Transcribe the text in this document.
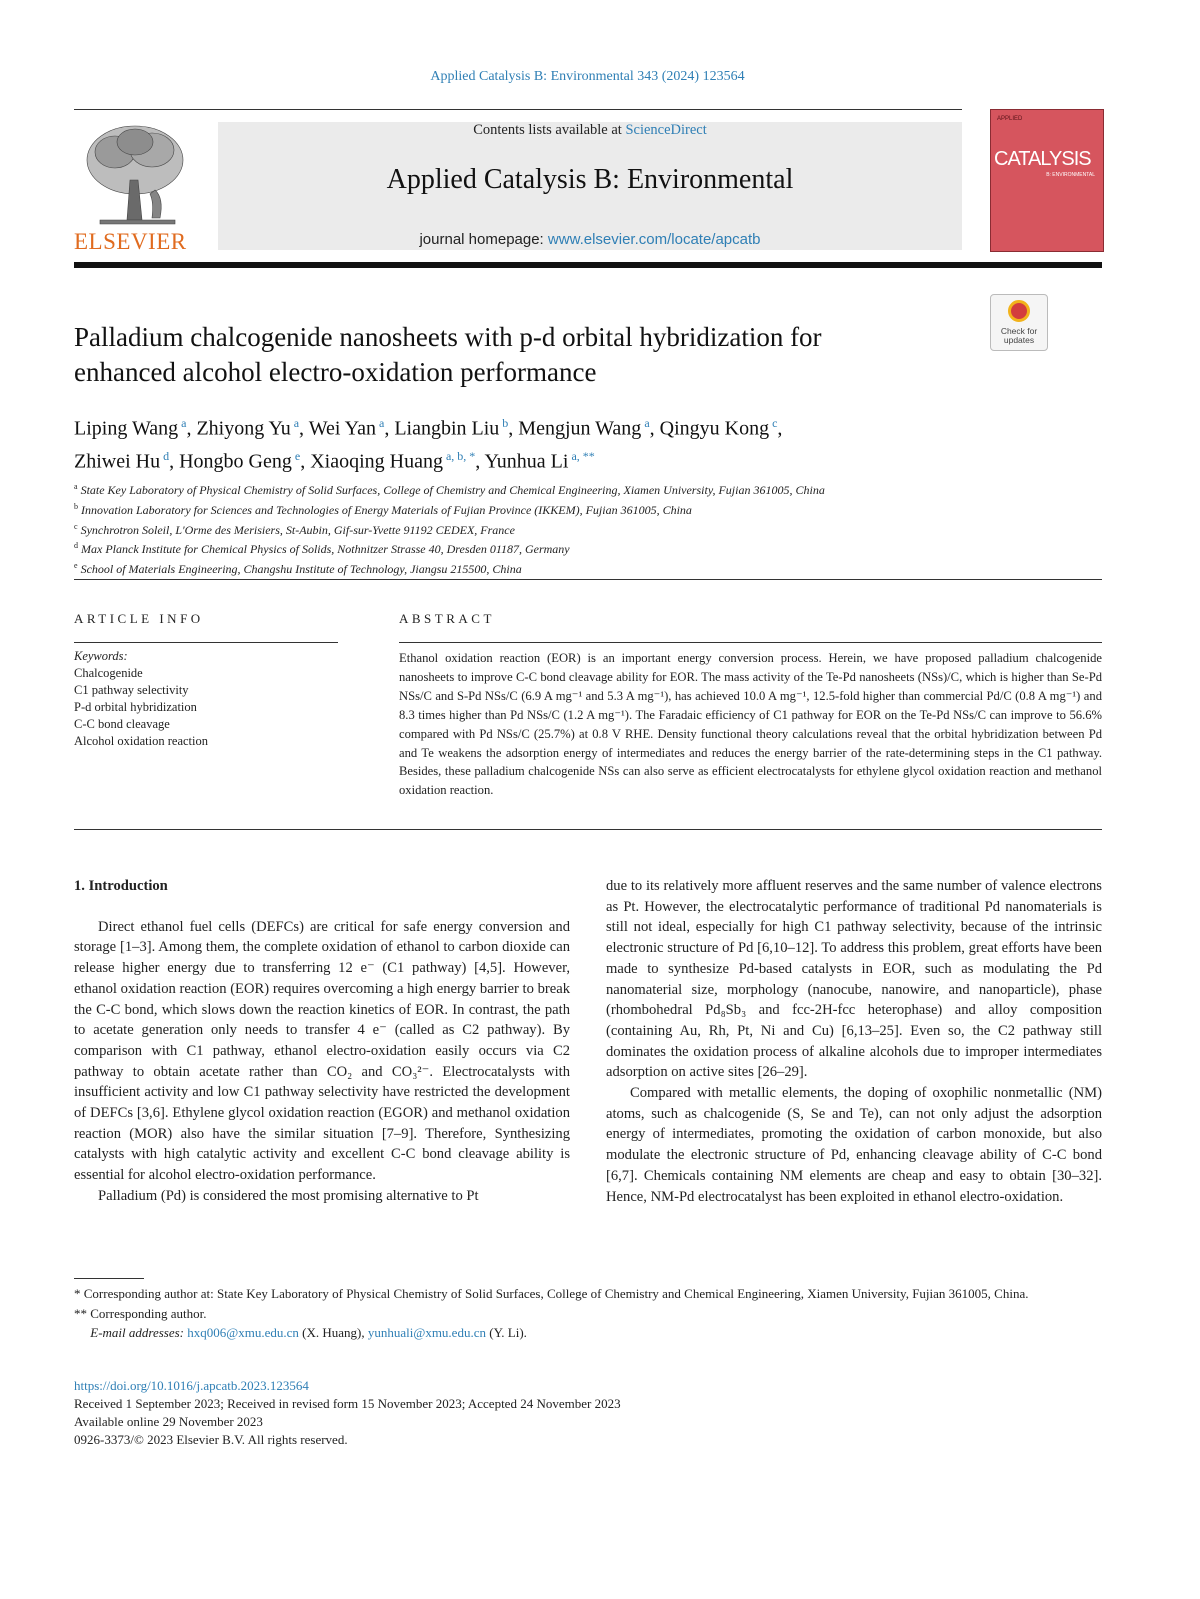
Applied Catalysis B: Environmental 343 (2024) 123564
ELSEVIER
Contents lists available at ScienceDirect
Applied Catalysis B: Environmental
journal homepage: www.elsevier.com/locate/apcatb
APPLIED
CATALYSIS
B: ENVIRONMENTAL
Palladium chalcogenide nanosheets with p-d orbital hybridization for
enhanced alcohol electro-oxidation performance
Check for
updates
Liping Wang $^a$, Zhiyong Yu $^a$, Wei Yan $^a$, Liangbin Liu $^b$, Mengjun Wang $^a$, Qingyu Kong $^c$,
Zhiwei Hu $^d$, Hongbo Geng $^e$, Xiaoqing Huang $^{a, b, *}$, Yunhua Li $^{a, **}$
$^a$ State Key Laboratory of Physical Chemistry of Solid Surfaces, College of Chemistry and Chemical Engineering, Xiamen University, Fujian 361005, China
$^b$ Innovation Laboratory for Sciences and Technologies of Energy Materials of Fujian Province (IKKEM), Fujian 361005, China
$^c$ Synchrotron Soleil, L'Orme des Merisiers, St-Aubin, Gif-sur-Yvette 91192 CEDEX, France
$^d$ Max Planck Institute for Chemical Physics of Solids, Nothnitzer Strasse 40, Dresden 01187, Germany
$^e$ School of Materials Engineering, Changshu Institute of Technology, Jiangsu 215500, China
ARTICLE INFO	ABSTRACT
Keywords:
Chalcogenide
C1 pathway selectivity
P-d orbital hybridization
C-C bond cleavage
Alcohol oxidation reaction
Ethanol oxidation reaction (EOR) is an important energy conversion process. Herein, we have proposed palladium chalcogenide nanosheets to improve C-C bond cleavage ability for EOR. The mass activity of the Te-Pd nanosheets (NSs)/C, which is higher than Se-Pd NSs/C and S-Pd NSs/C (6.9 A mg⁻¹ and 5.3 A mg⁻¹), has achieved 10.0 A mg⁻¹, 12.5-fold higher than commercial Pd/C (0.8 A mg⁻¹) and 8.3 times higher than Pd NSs/C (1.2 A mg⁻¹). The Faradaic efficiency of C1 pathway for EOR on the Te-Pd NSs/C can improve to 56.6% compared with Pd NSs/C (25.7%) at 0.8 V RHE. Density functional theory calculations reveal that the orbital hybridization between Pd and Te weakens the adsorption energy of intermediates and reduces the energy barrier of the rate-determining steps in the C1 pathway. Besides, these palladium chalcogenide NSs can also serve as efficient electrocatalysts for ethylene glycol oxidation reaction and methanol oxidation reaction.
1. Introduction

Direct ethanol fuel cells (DEFCs) are critical for safe energy conversion and storage [1–3]. Among them, the complete oxidation of ethanol to carbon dioxide can release higher energy due to transferring 12 e⁻ (C1 pathway) [4,5]. However, ethanol oxidation reaction (EOR) requires overcoming a high energy barrier to break the C-C bond, which slows down the reaction kinetics of EOR. In contrast, the path to acetate generation only needs to transfer 4 e⁻ (called as C2 pathway). By comparison with C1 pathway, ethanol electro-oxidation easily occurs via C2 pathway to obtain acetate rather than CO₂ and CO₃²⁻. Electrocatalysts with insufficient activity and low C1 pathway selectivity have restricted the development of DEFCs [3,6]. Ethylene glycol oxidation reaction (EGOR) and methanol oxidation reaction (MOR) also have the similar situation [7–9]. Therefore, Synthesizing catalysts with high catalytic activity and excellent C-C bond cleavage ability is essential for alcohol electro-oxidation performance.

Palladium (Pd) is considered the most promising alternative to Pt

due to its relatively more affluent reserves and the same number of valence electrons as Pt. However, the electrocatalytic performance of traditional Pd nanomaterials is still not ideal, especially for high C1 pathway selectivity, because of the intrinsic electronic structure of Pd [6,10–12]. To address this problem, great efforts have been made to synthesize Pd-based catalysts in EOR, such as modulating the Pd nanomaterial size, morphology (nanocube, nanowire, and nanoparticle), phase (rhombohedral Pd₈Sb₃ and fcc-2H-fcc heterophase) and alloy composition (containing Au, Rh, Pt, Ni and Cu) [6,13–25]. Even so, the C2 pathway still dominates the oxidation process of alkaline alcohols due to improper intermediates adsorption on active sites [26–29].

Compared with metallic elements, the doping of oxophilic nonmetallic (NM) atoms, such as chalcogenide (S, Se and Te), can not only adjust the adsorption energy of intermediates, promoting the oxidation of carbon monoxide, but also modulate the electronic structure of Pd, enhancing cleavage ability of C-C bond [6,7]. Chemicals containing NM elements are cheap and easy to obtain [30–32]. Hence, NM-Pd electrocatalyst has been exploited in ethanol electro-oxidation.

* Corresponding author at: State Key Laboratory of Physical Chemistry of Solid Surfaces, College of Chemistry and Chemical Engineering, Xiamen University, Fujian 361005, China.

** Corresponding author.

E-mail addresses: hxq006@xmu.edu.cn (X. Huang), yunhuali@xmu.edu.cn (Y. Li).

https://doi.org/10.1016/j.apcatb.2023.123564

Received 1 September 2023; Received in revised form 15 November 2023; Accepted 24 November 2023

Available online 29 November 2023

0926-3373/© 2023 Elsevier B.V. All rights reserved.
